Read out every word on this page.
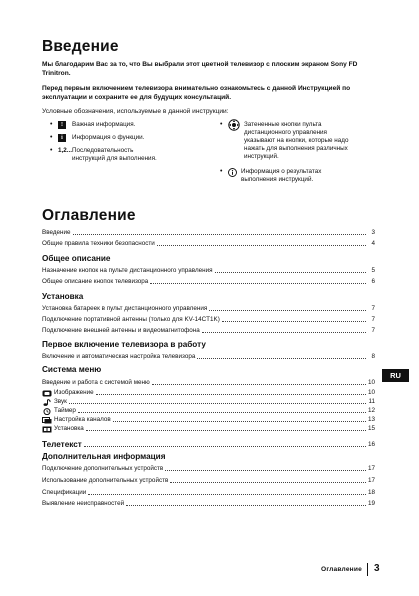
Введение

Мы благодарим Вас за то, что Вы выбрали этот цветной телевизор с плоским экраном Sony FD Trinitron.

Перед первым включением телевизора внимательно ознакомьтесь с данной Инструкцией по эксплуатации и сохраните ее для будущих консультаций.

Условные обозначения, используемые в данной инструкции:

•	!	Важная информация.
•	i	Информация о функции.
• 1,2... Последовательность инструкций для выполнения.
•	Затененные кнопки пульта дистанционного управления указывают на кнопки, которые надо нажать для выполнения различных инструкций.
•	Информация о результатах выполнения инструкций.
Оглавление
Введение	3
Общие правила техники безопасности	4
Общее описание
Назначение кнопок на пульте дистанционного управления	5
Общее описание кнопок телевизора	6
Установка
Установка батареек в пульт дистанционного управления	7
Подключение портативной антенны (только для KV-14CT1K)	7
Подключение внешней антенны и видеомагнитофона	7
Первое включение телевизора в работу
Включение и автоматическая настройка телевизора	8
Система меню
Введение и работа с системой меню	10
Изображение	10
Звук	11
Таймер	12
Настройка каналов	13
Установка	15
Телетекст	16
Дополнительная информация
Подключение дополнительных устройств	17
Использование дополнительных устройств	17
Спецификации	18
Выявление неисправностей	19
RU
Оглавление 3
